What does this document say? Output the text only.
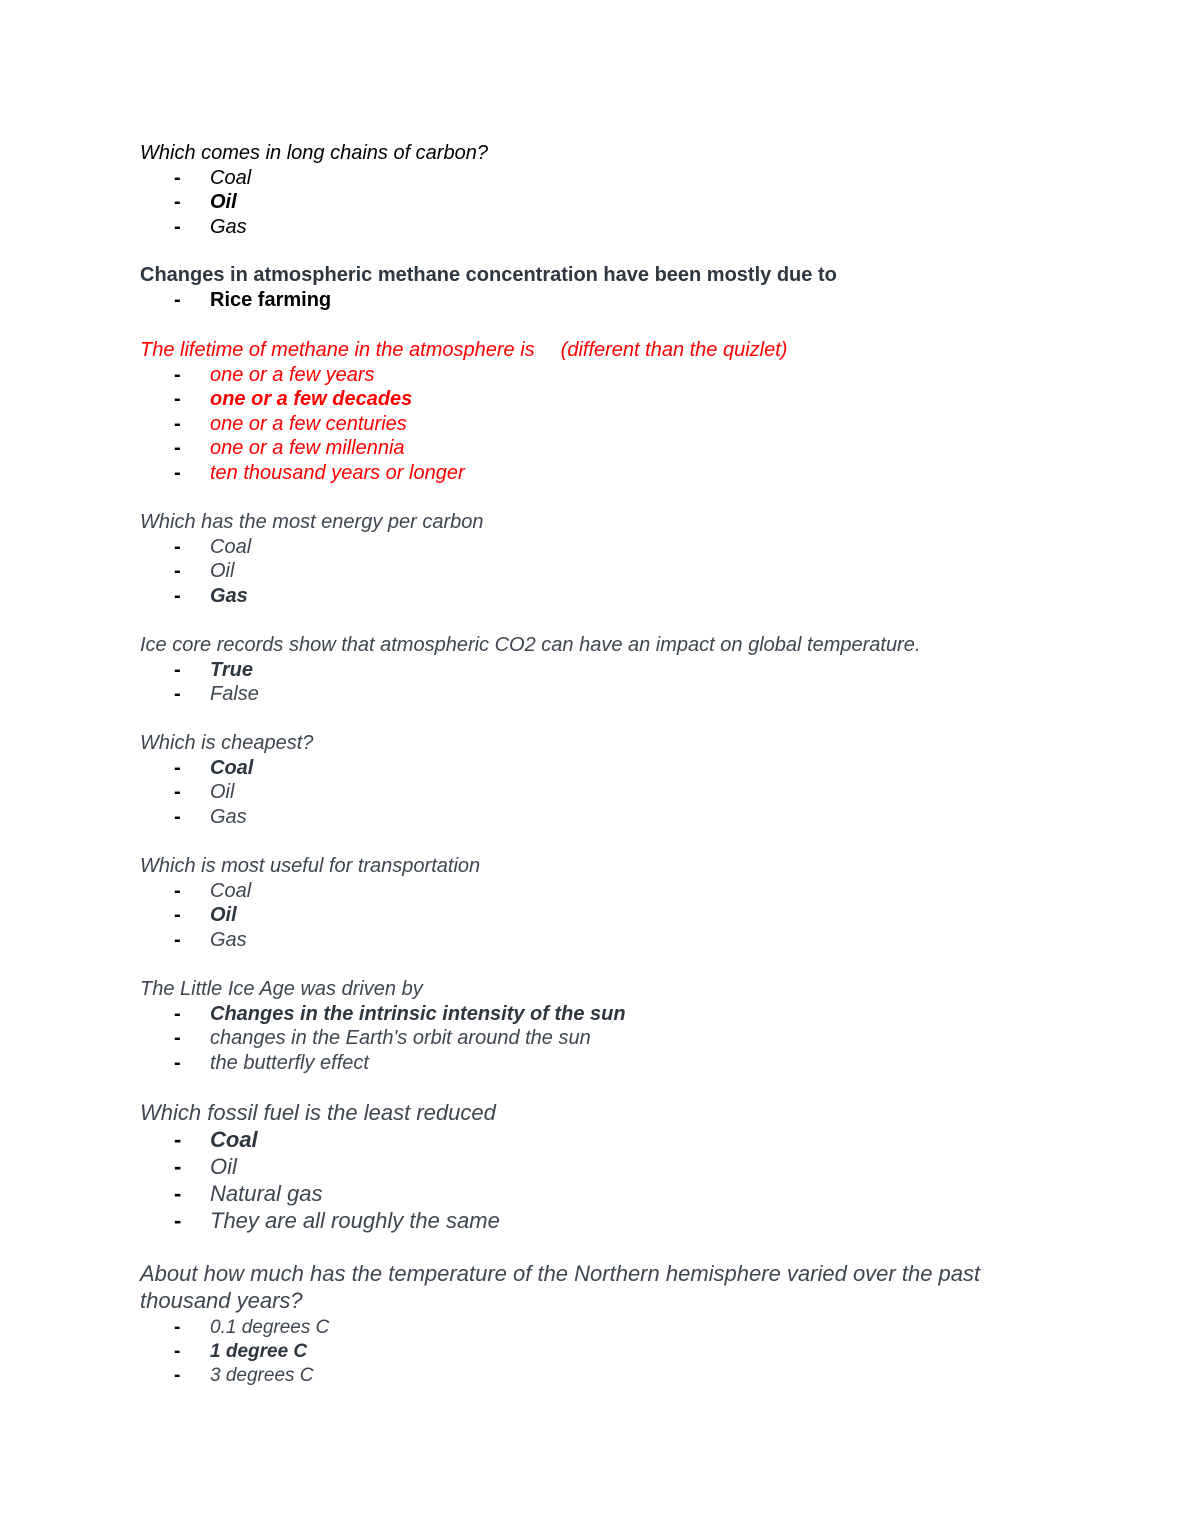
Which comes in long chains of carbon?

- Coal
- Oil
- Gas

Changes in atmospheric methane concentration have been mostly due to

- Rice farming

The lifetime of methane in the atmosphere is (different than the quizlet)

- one or a few years
- one or a few decades
- one or a few centuries
- one or a few millennia
- ten thousand years or longer

Which has the most energy per carbon

- Coal
- Oil
- Gas

Ice core records show that atmospheric CO2 can have an impact on global temperature.

- True
- False

Which is cheapest?

- Coal
- Oil
- Gas

Which is most useful for transportation

- Coal
- Oil
- Gas

The Little Ice Age was driven by

- Changes in the intrinsic intensity of the sun
- changes in the Earth's orbit around the sun
- the butterfly effect

Which fossil fuel is the least reduced

- Coal
- Oil
- Natural gas
- They are all roughly the same

About how much has the temperature of the Northern hemisphere varied over the past thousand years?

- 0.1 degrees C
- 1 degree C
- 3 degrees C
